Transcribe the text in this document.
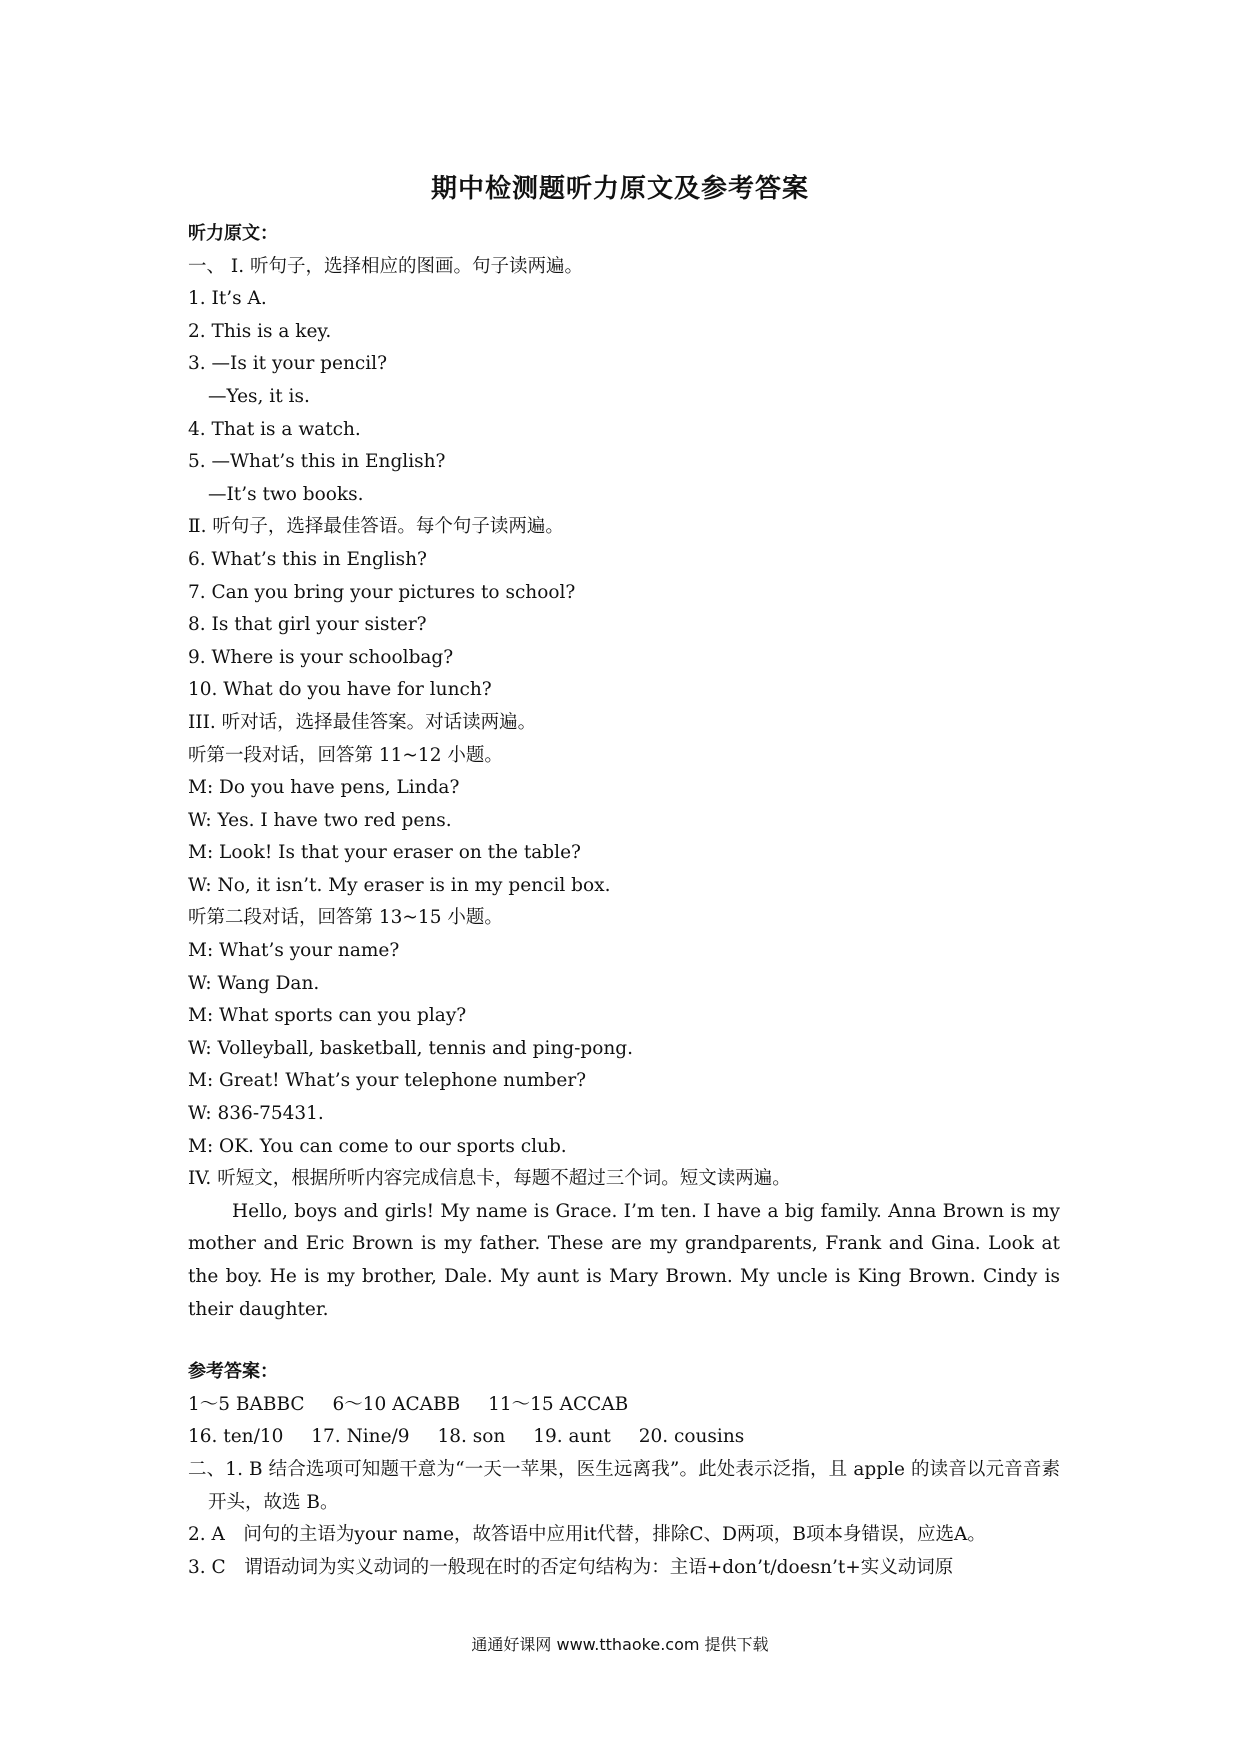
期中检测题听力原文及参考答案
听力原文：
一、 Ⅰ. 听句子，选择相应的图画。句子读两遍。
1. It’s A.
2. This is a key.
3. —Is it your pencil?
—Yes, it is.
4. That is a watch.
5. —What’s this in English?
—It’s two books.
Ⅱ. 听句子，选择最佳答语。每个句子读两遍。
6. What’s this in English?
7. Can you bring your pictures to school?
8. Is that girl your sister?
9. Where is your schoolbag?
10. What do you have for lunch?
III. 听对话，选择最佳答案。对话读两遍。
听第一段对话，回答第 11~12 小题。
M: Do you have pens, Linda?
W: Yes. I have two red pens.
M: Look! Is that your eraser on the table?
W: No, it isn’t. My eraser is in my pencil box.
听第二段对话，回答第 13~15 小题。
M: What’s your name?
W: Wang Dan.
M: What sports can you play?
W: Volleyball, basketball, tennis and ping-pong.
M: Great! What’s your telephone number?
W: 836-75431.
M: OK. You can come to our sports club.
IV. 听短文，根据所听内容完成信息卡，每题不超过三个词。短文读两遍。
Hello, boys and girls! My name is Grace. I’m ten. I have a big family. Anna Brown is my mother and Eric Brown is my father. These are my grandparents, Frank and Gina. Look at the boy. He is my brother, Dale. My aunt is Mary Brown. My uncle is King Brown. Cindy is their daughter.
参考答案：
1～5 BABBC 6～10 ACABB 11～15 ACCAB
16. ten/10 17. Nine/9 18. son 19. aunt 20. cousins
二、1. B 结合选项可知题干意为“一天一苹果，医生远离我”。此处表示泛指，且 apple 的读音以元音音素开头，故选 B。
2. A　问句的主语为your name，故答语中应用it代替，排除C、D两项，B项本身错误，应选A。
3. C　谓语动词为实义动词的一般现在时的否定句结构为：主语+don’t/doesn’t+实义动词原
通通好课网 www.tthaoke.com 提供下载
